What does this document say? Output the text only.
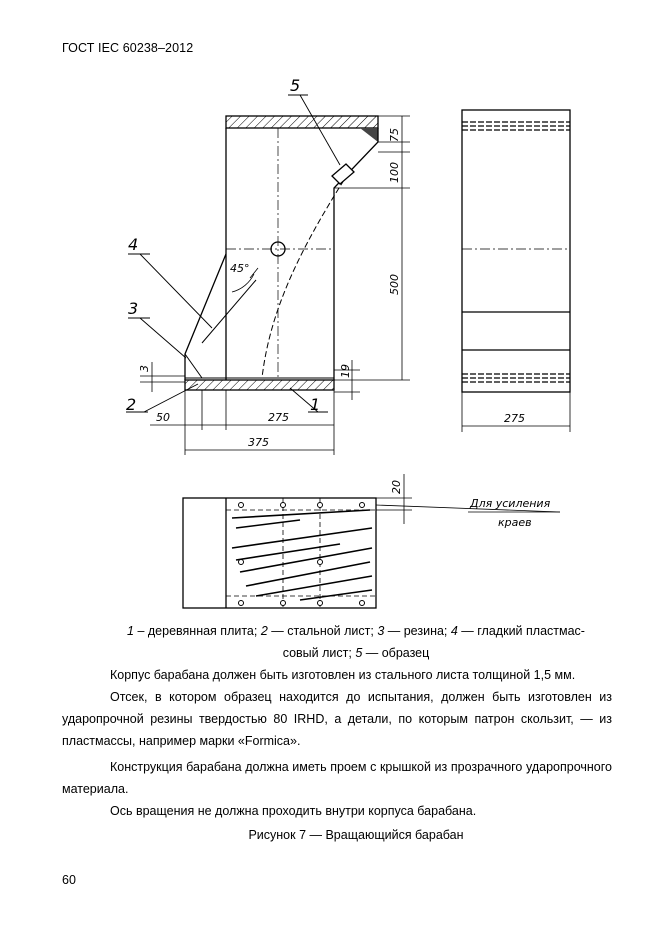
ГОСТ IEC 60238–2012
5
4
3
2	1
75
100
500
19
3
50	275
375
275
20
45°
Для усиления
краев
1 – деревянная плита; 2 — стальной лист; 3 — резина; 4 — гладкий пластмас-
совый лист; 5 — образец
Корпус барабана должен быть изготовлен из стального листа толщиной 1,5 мм.
Отсек, в котором образец находится до испытания, должен быть изготовлен из ударопрочной резины твердостью 80 IRHD, а детали, по которым патрон скользит, — из пластмассы, например марки «Formica».
Конструкция барабана должна иметь проем с крышкой из прозрачного ударопрочного материала.
Ось вращения не должна проходить внутри корпуса барабана.
Рисунок 7 — Вращающийся барабан
60
